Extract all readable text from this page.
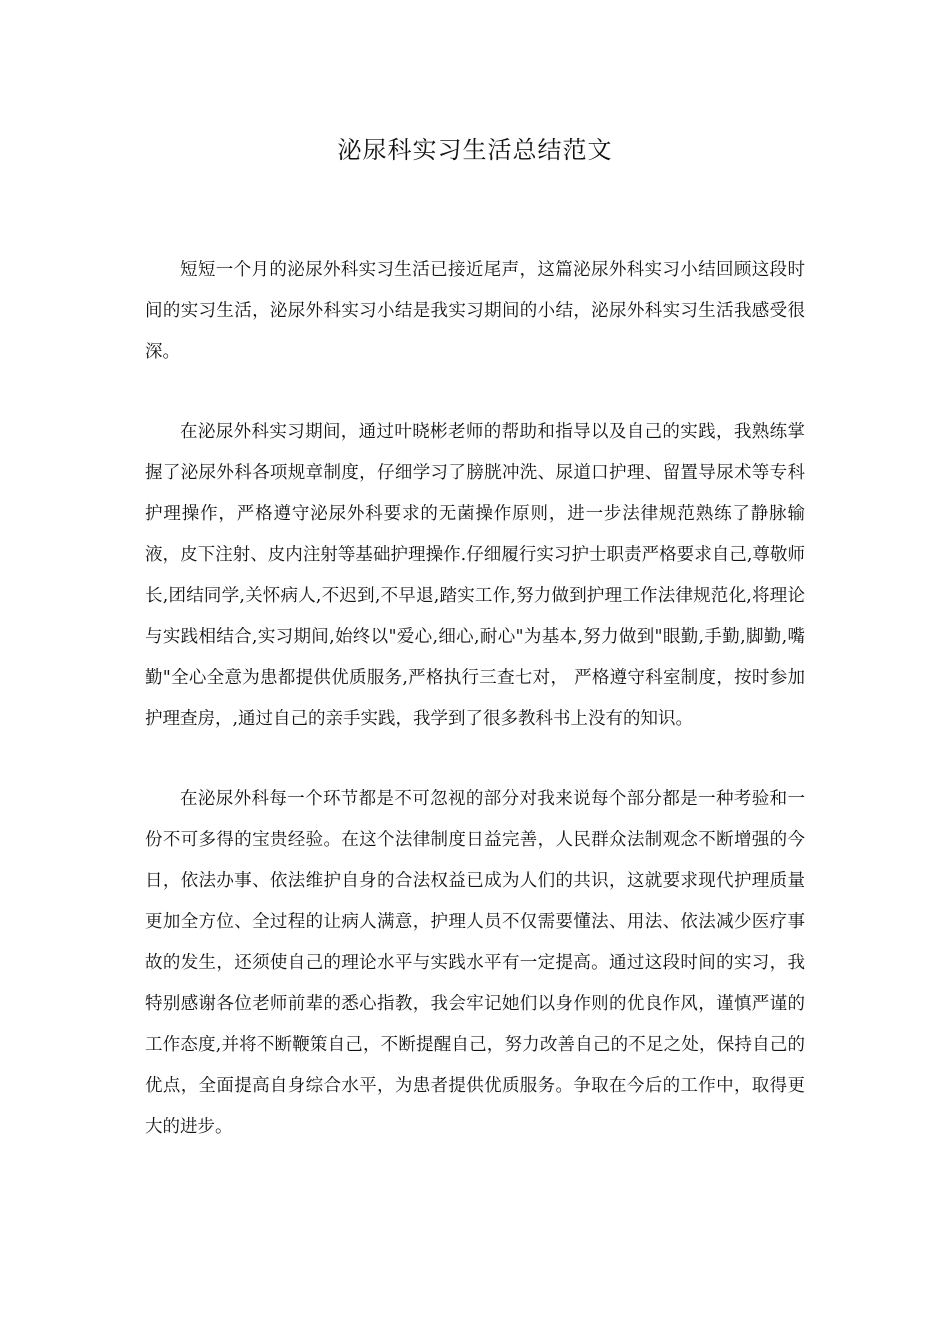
泌尿科实习生活总结范文

短短一个月的泌尿外科实习生活已接近尾声，这篇泌尿外科实习小结回顾这段时间的实习生活，泌尿外科实习小结是我实习期间的小结，泌尿外科实习生活我感受很深。

在泌尿外科实习期间，通过叶晓彬老师的帮助和指导以及自己的实践，我熟练掌握了泌尿外科各项规章制度，仔细学习了膀胱冲洗、尿道口护理、留置导尿术等专科护理操作，严格遵守泌尿外科要求的无菌操作原则，进一步法律规范熟练了静脉输液，皮下注射、皮内注射等基础护理操作.仔细履行实习护士职责严格要求自己,尊敬师长,团结同学,关怀病人,不迟到,不早退,踏实工作,努力做到护理工作法律规范化,将理论与实践相结合,实习期间,始终以"爱心,细心,耐心"为基本,努力做到"眼勤,手勤,脚勤,嘴勤"全心全意为患都提供优质服务,严格执行三查七对， 严格遵守科室制度，按时参加护理查房，,通过自己的亲手实践，我学到了很多教科书上没有的知识。

在泌尿外科每一个环节都是不可忽视的部分对我来说每个部分都是一种考验和一份不可多得的宝贵经验。在这个法律制度日益完善，人民群众法制观念不断增强的今日，依法办事、依法维护自身的合法权益已成为人们的共识，这就要求现代护理质量更加全方位、全过程的让病人满意，护理人员不仅需要懂法、用法、依法减少医疗事故的发生，还须使自己的理论水平与实践水平有一定提高。通过这段时间的实习，我特别感谢各位老师前辈的悉心指教，我会牢记她们以身作则的优良作风，谨慎严谨的工作态度,并将不断鞭策自己，不断提醒自己，努力改善自己的不足之处，保持自己的优点，全面提高自身综合水平，为患者提供优质服务。争取在今后的工作中，取得更大的进步。
